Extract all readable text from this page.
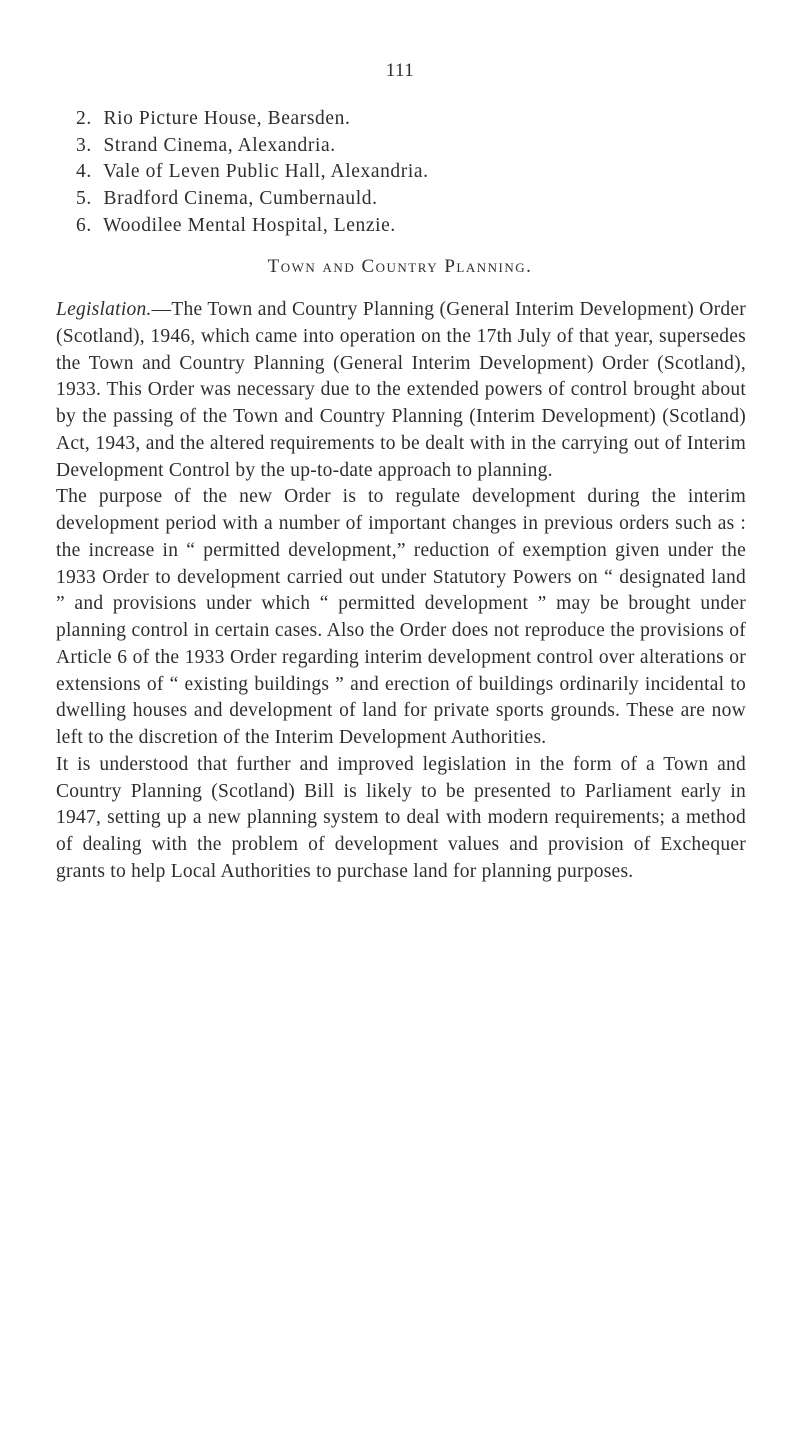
111
2. Rio Picture House, Bearsden.
3. Strand Cinema, Alexandria.
4. Vale of Leven Public Hall, Alexandria.
5. Bradford Cinema, Cumbernauld.
6. Woodilee Mental Hospital, Lenzie.
Town and Country Planning.

Legislation.—The Town and Country Planning (General Interim Development) Order (Scotland), 1946, which came into operation on the 17th July of that year, supersedes the Town and Country Planning (General Interim Development) Order (Scotland), 1933. This Order was necessary due to the extended powers of control brought about by the passing of the Town and Country Planning (Interim Development) (Scotland) Act, 1943, and the altered requirements to be dealt with in the carrying out of Interim Development Control by the up-to-date approach to planning.

The purpose of the new Order is to regulate development during the interim development period with a number of important changes in previous orders such as : the increase in “ permitted development,” reduction of exemption given under the 1933 Order to development carried out under Statutory Powers on “ designated land ” and provisions under which “ permitted development ” may be brought under planning control in certain cases. Also the Order does not reproduce the provisions of Article 6 of the 1933 Order regarding interim development control over alterations or extensions of “ existing buildings ” and erection of buildings ordinarily incidental to dwelling houses and development of land for private sports grounds. These are now left to the discretion of the Interim Development Authorities.

It is understood that further and improved legislation in the form of a Town and Country Planning (Scotland) Bill is likely to be presented to Parliament early in 1947, setting up a new planning system to deal with modern requirements; a method of dealing with the problem of development values and provision of Exchequer grants to help Local Authorities to purchase land for planning purposes.
